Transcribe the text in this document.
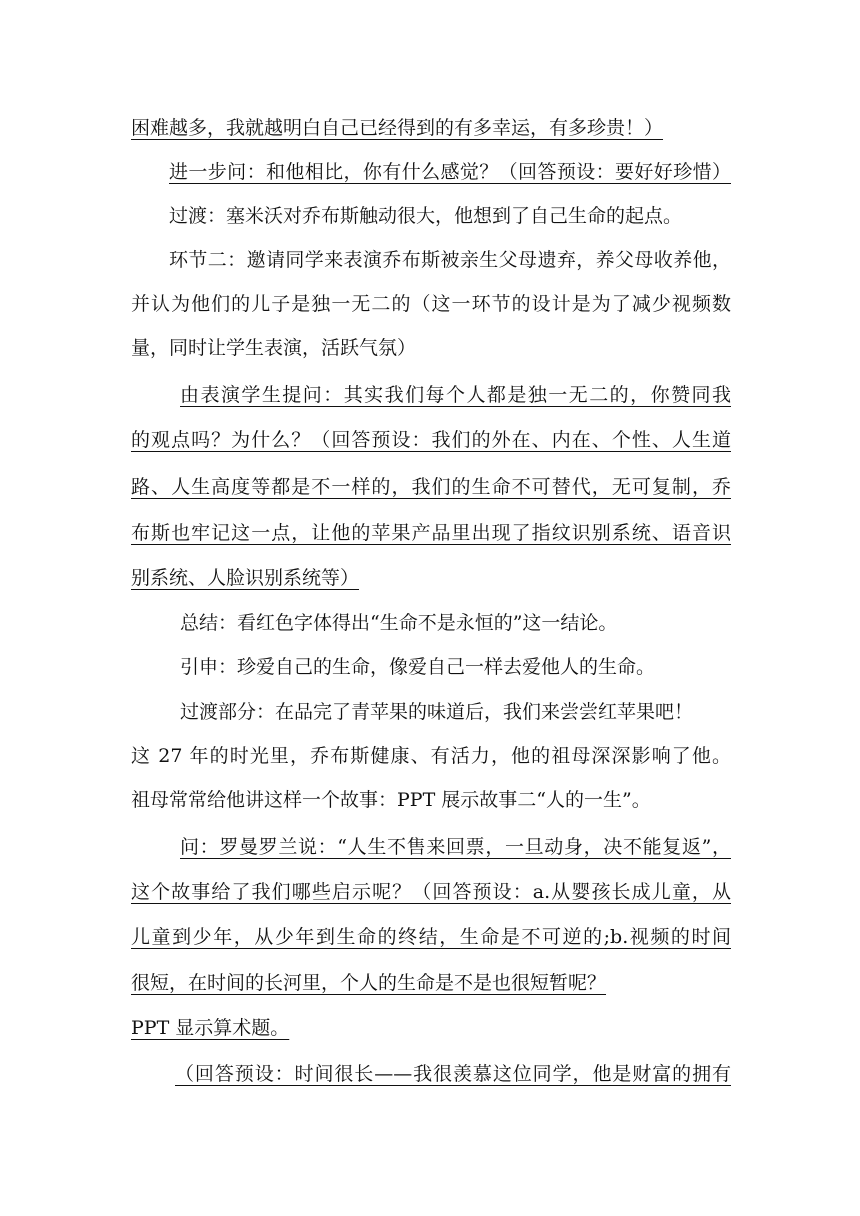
困难越多，我就越明白自己已经得到的有多幸运，有多珍贵！）
进一步问：和他相比，你有什么感觉？（回答预设：要好好珍惜）
过渡：塞米沃对乔布斯触动很大，他想到了自己生命的起点。
环节二：邀请同学来表演乔布斯被亲生父母遗弃，养父母收养他，
并认为他们的儿子是独一无二的（这一环节的设计是为了减少视频数
量，同时让学生表演，活跃气氛）
由表演学生提问：其实我们每个人都是独一无二的，你赞同我
的观点吗？为什么？（回答预设：我们的外在、内在、个性、人生道
路、人生高度等都是不一样的，我们的生命不可替代，无可复制，乔
布斯也牢记这一点，让他的苹果产品里出现了指纹识别系统、语音识
别系统、人脸识别系统等）
总结：看红色字体得出“生命不是永恒的”这一结论。
引申：珍爱自己的生命，像爱自己一样去爱他人的生命。
过渡部分：在品完了青苹果的味道后，我们来尝尝红苹果吧！
这 27 年的时光里，乔布斯健康、有活力，他的祖母深深影响了他。
祖母常常给他讲这样一个故事：PPT 展示故事二“人的一生”。
问：罗曼罗兰说：“人生不售来回票，一旦动身，决不能复返”，
这个故事给了我们哪些启示呢？（回答预设：a.从婴孩长成儿童，从
儿童到少年，从少年到生命的终结，生命是不可逆的;b.视频的时间
很短，在时间的长河里，个人的生命是不是也很短暂呢？
PPT 显示算术题。
（回答预设：时间很长——我很羡慕这位同学，他是财富的拥有
